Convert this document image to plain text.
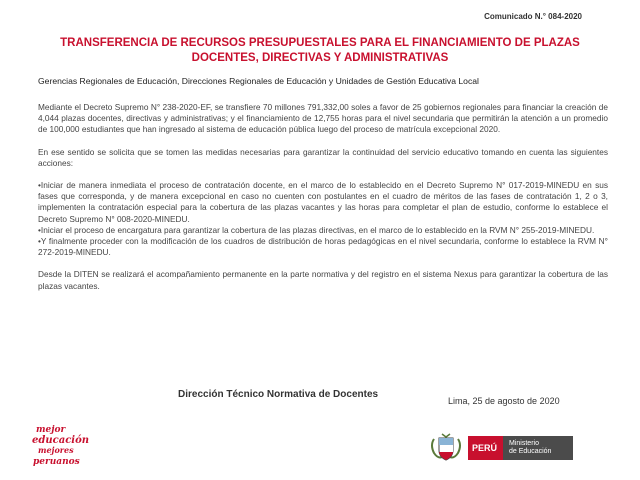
Comunicado N.° 084-2020
TRANSFERENCIA DE RECURSOS PRESUPUESTALES PARA EL FINANCIAMIENTO DE PLAZAS
DOCENTES, DIRECTIVAS Y ADMINISTRATIVAS
Gerencias Regionales de Educación, Direcciones Regionales de Educación y Unidades de Gestión Educativa Local

Mediante el Decreto Supremo N° 238-2020-EF, se transfiere 70 millones 791,332,00 soles a favor de 25 gobiernos regionales para financiar la creación de 4,044 plazas docentes, directivas y administrativas; y el financiamiento de 12,755 horas para el nivel secundaria que permitirán la atención a un promedio de 100,000 estudiantes que han ingresado al sistema de educación pública luego del proceso de matrícula excepcional 2020.

En ese sentido se solicita que se tomen las medidas necesarias para garantizar la continuidad del servicio educativo tomando en cuenta las siguientes acciones:

•Iniciar de manera inmediata el proceso de contratación docente, en el marco de lo establecido en el Decreto Supremo N° 017-2019-MINEDU en sus fases que corresponda, y de manera excepcional en caso no cuenten con postulantes en el cuadro de méritos de las fases de contratación 1, 2 o 3, implementen la contratación especial para la cobertura de las plazas vacantes y las horas para completar el plan de estudio, conforme lo establece el Decreto Supremo N° 008-2020-MINEDU.

•Iniciar el proceso de encargatura para garantizar la cobertura de las plazas directivas, en el marco de lo establecido en la RVM N° 255-2019-MINEDU.

•Y finalmente proceder con la modificación de los cuadros de distribución de horas pedagógicas en el nivel secundaria, conforme lo establece la RVM N° 272-2019-MINEDU.

Desde la DITEN se realizará el acompañamiento permanente en la parte normativa y del registro en el sistema Nexus para garantizar la cobertura de las plazas vacantes.

Dirección Técnico Normativa de Docentes
Lima, 25 de agosto de 2020
mejor
educación
mejores
peruanos
PERÚ Ministerio
de Educación
